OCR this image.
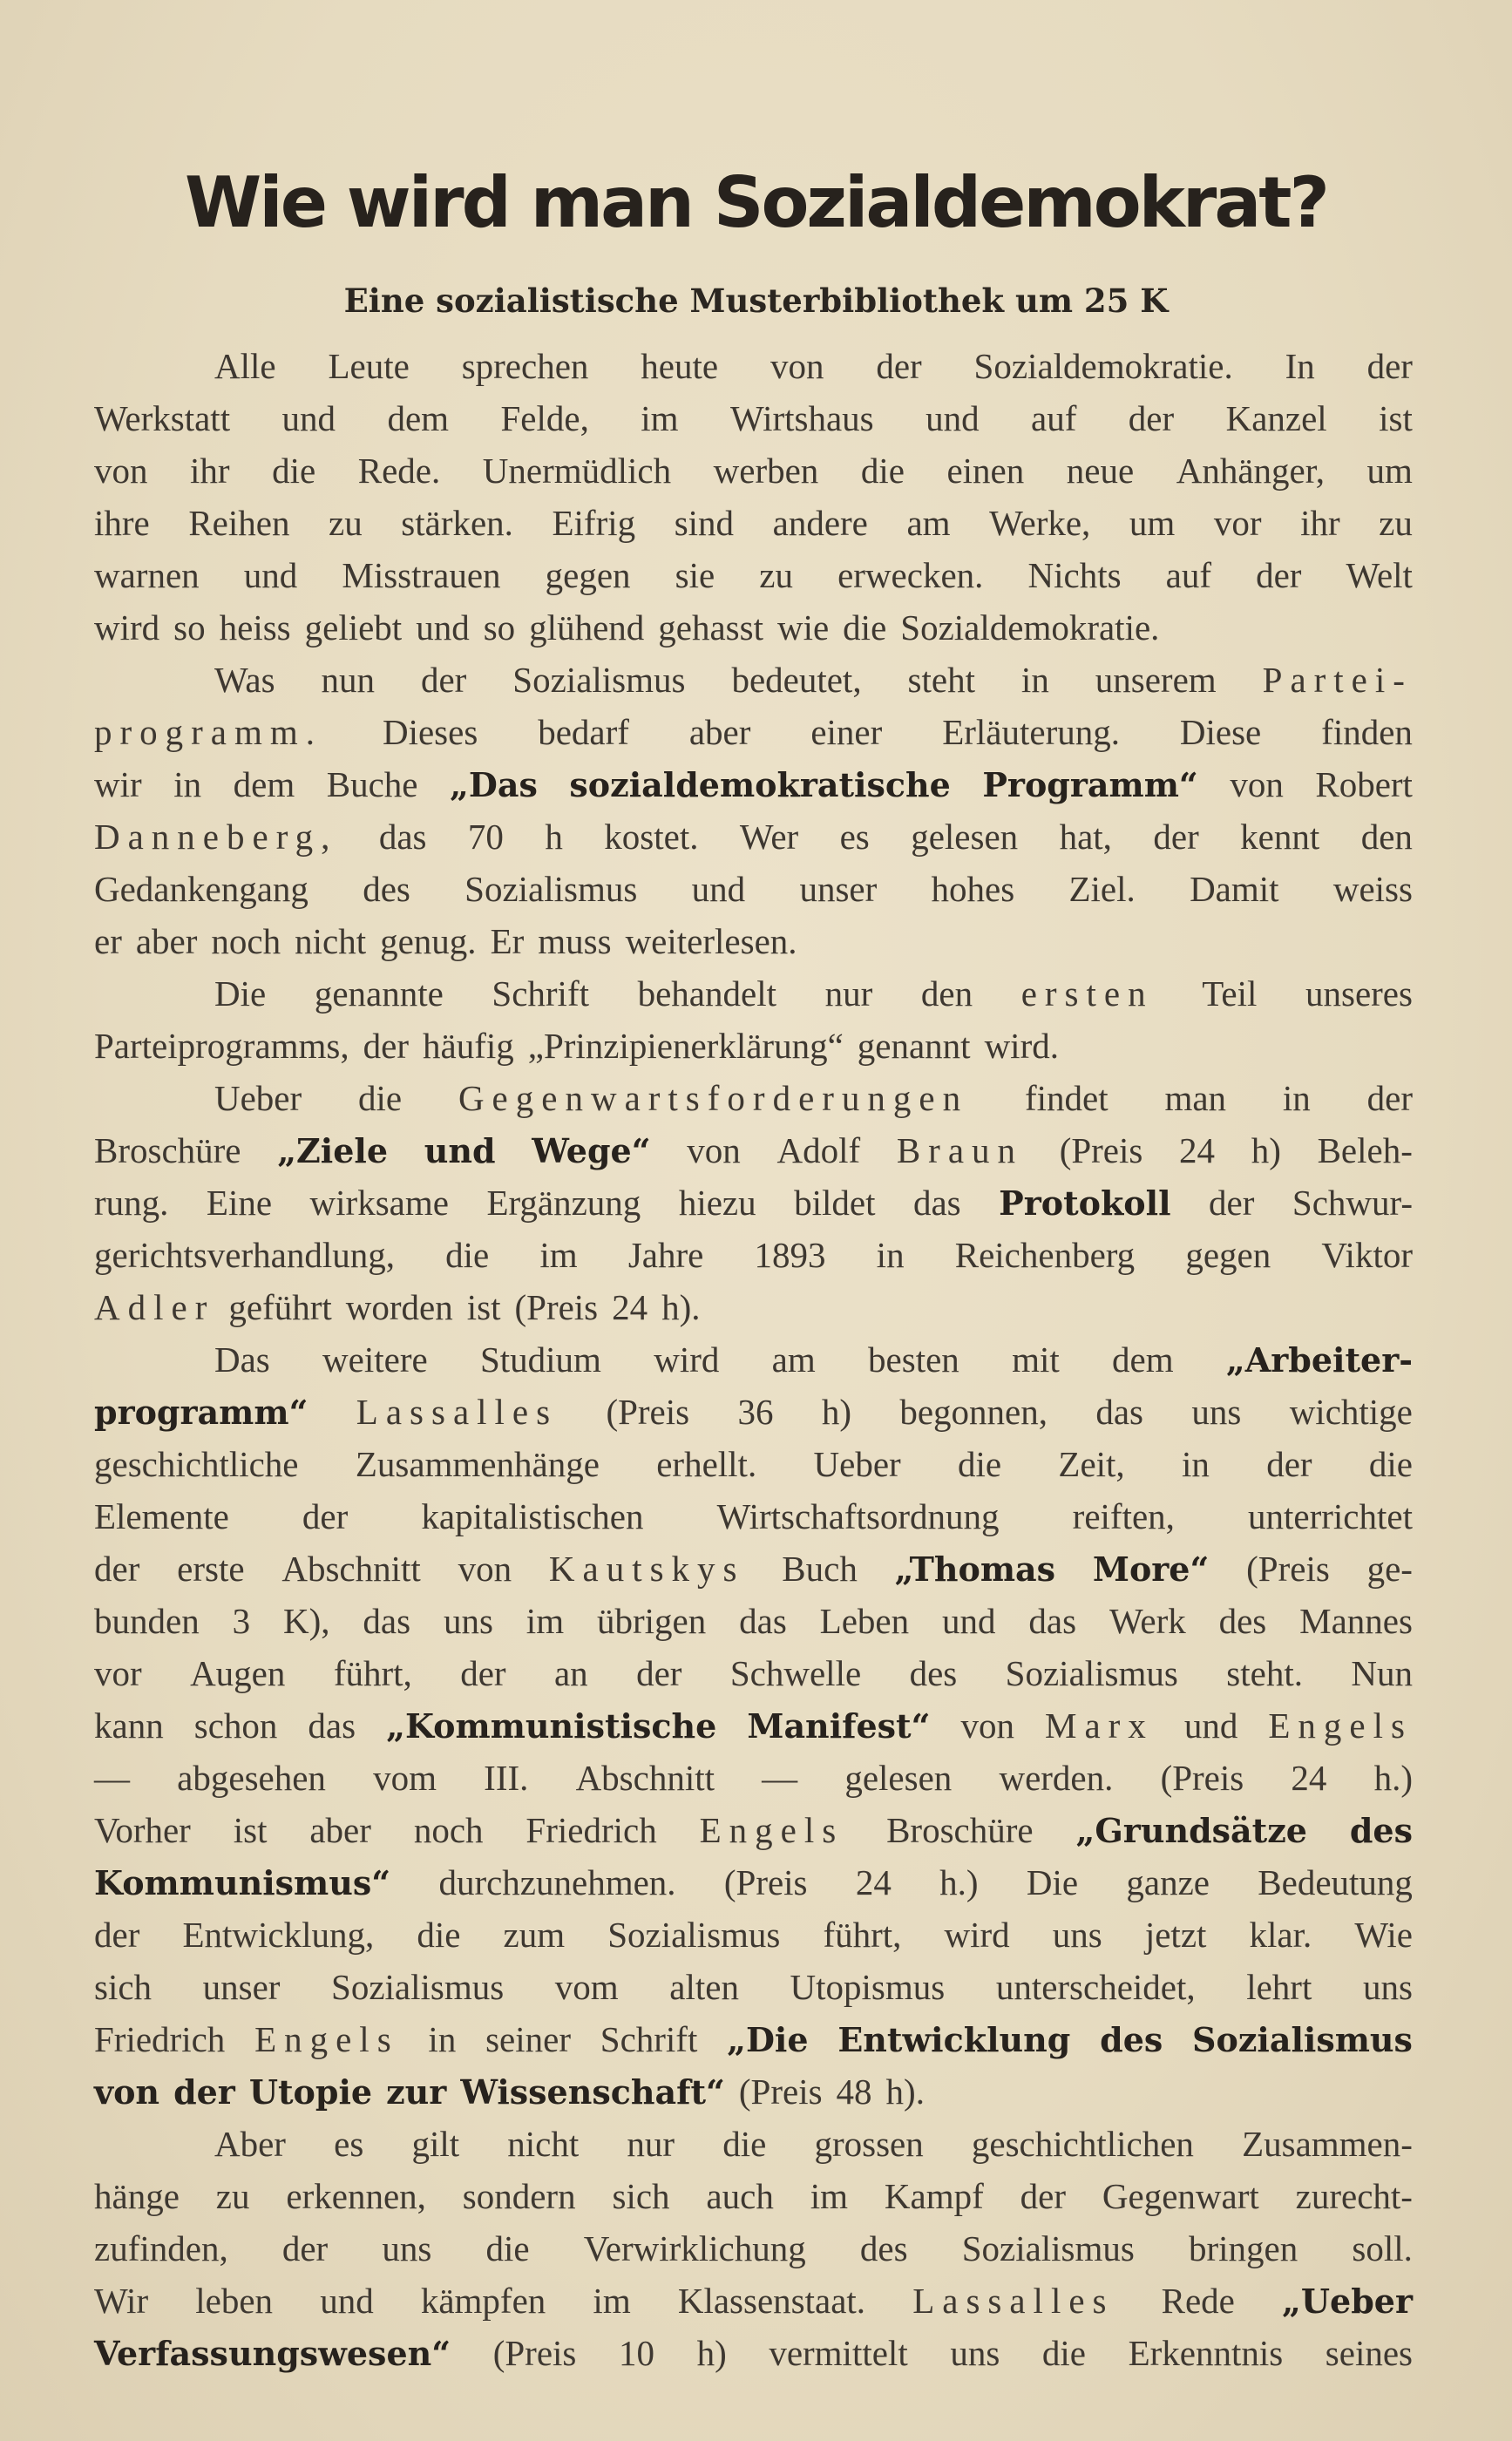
Wie wird man Sozialdemokrat?
Eine sozialistische Musterbibliothek um 25 K
Alle Leute sprechen heute von der Sozialdemokratie. In der
Werkstatt und dem Felde, im Wirtshaus und auf der Kanzel ist
von ihr die Rede. Unermüdlich werben die einen neue Anhänger, um
ihre Reihen zu stärken. Eifrig sind andere am Werke, um vor ihr zu
warnen und Misstrauen gegen sie zu erwecken. Nichts auf der Welt
wird so heiss geliebt und so glühend gehasst wie die Sozialdemokratie.
Was nun der Sozialismus bedeutet, steht in unserem Partei-
programm. Dieses bedarf aber einer Erläuterung. Diese finden
wir in dem Buche „Das sozialdemokratische Programm“ von Robert
Danneberg, das 70 h kostet. Wer es gelesen hat, der kennt den
Gedankengang des Sozialismus und unser hohes Ziel. Damit weiss
er aber noch nicht genug. Er muss weiterlesen.
Die genannte Schrift behandelt nur den ersten Teil unseres
Parteiprogramms, der häufig „Prinzipienerklärung“ genannt wird.
Ueber die Gegenwartsforderungen findet man in der
Broschüre „Ziele und Wege“ von Adolf Braun (Preis 24 h) Beleh-
rung. Eine wirksame Ergänzung hiezu bildet das Protokoll der Schwur-
gerichtsverhandlung, die im Jahre 1893 in Reichenberg gegen Viktor
Adler geführt worden ist (Preis 24 h).
Das weitere Studium wird am besten mit dem „Arbeiter-
programm“ Lassalles (Preis 36 h) begonnen, das uns wichtige
geschichtliche Zusammenhänge erhellt. Ueber die Zeit, in der die
Elemente der kapitalistischen Wirtschaftsordnung reiften, unterrichtet
der erste Abschnitt von Kautskys Buch „Thomas More“ (Preis ge-
bunden 3 K), das uns im übrigen das Leben und das Werk des Mannes
vor Augen führt, der an der Schwelle des Sozialismus steht. Nun
kann schon das „Kommunistische Manifest“ von Marx und Engels
— abgesehen vom III. Abschnitt — gelesen werden. (Preis 24 h.)
Vorher ist aber noch Friedrich Engels Broschüre „Grundsätze des
Kommunismus“ durchzunehmen. (Preis 24 h.) Die ganze Bedeutung
der Entwicklung, die zum Sozialismus führt, wird uns jetzt klar. Wie
sich unser Sozialismus vom alten Utopismus unterscheidet, lehrt uns
Friedrich Engels in seiner Schrift „Die Entwicklung des Sozialismus
von der Utopie zur Wissenschaft“ (Preis 48 h).
Aber es gilt nicht nur die grossen geschichtlichen Zusammen-
hänge zu erkennen, sondern sich auch im Kampf der Gegenwart zurecht-
zufinden, der uns die Verwirklichung des Sozialismus bringen soll.
Wir leben und kämpfen im Klassenstaat. Lassalles Rede „Ueber
Verfassungswesen“ (Preis 10 h) vermittelt uns die Erkenntnis seines
